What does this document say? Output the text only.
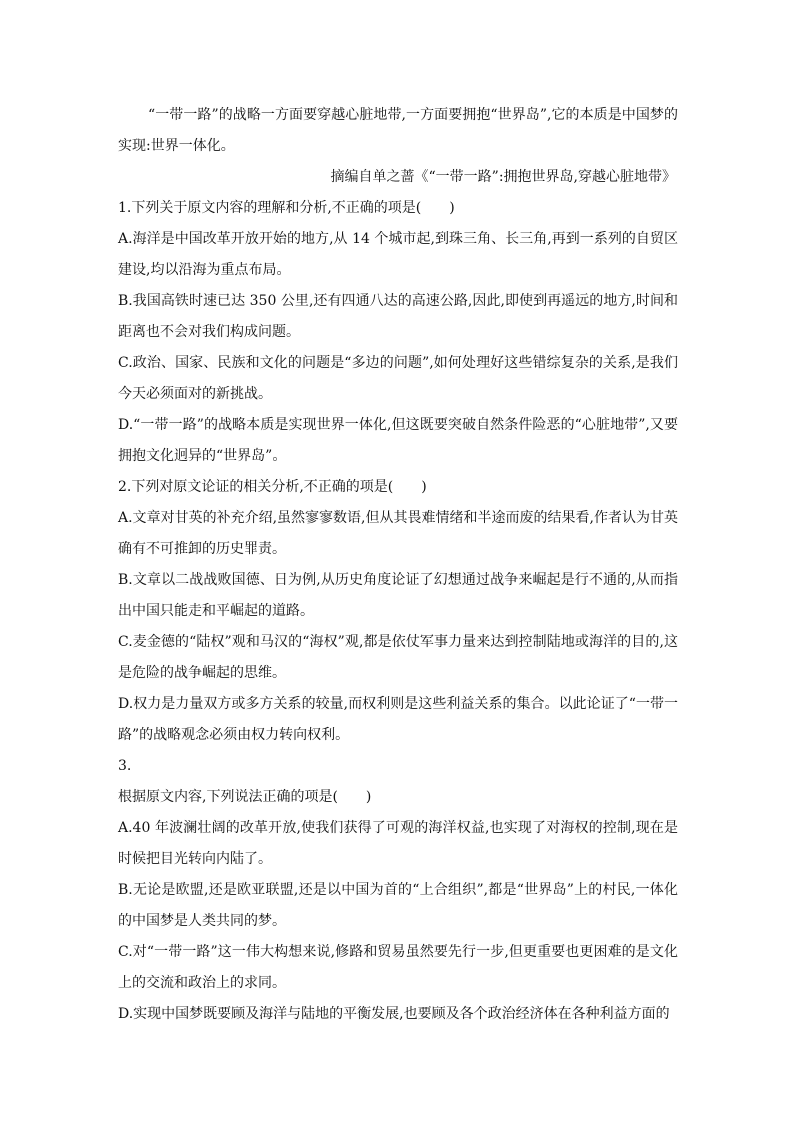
“一带一路”的战略一方面要穿越心脏地带,一方面要拥抱“世界岛”,它的本质是中国梦的实现:世界一体化。

摘编自单之蔷《“一带一路”:拥抱世界岛,穿越心脏地带》

1.下列关于原文内容的理解和分析,不正确的项是(　　)

A.海洋是中国改革开放开始的地方,从 14 个城市起,到珠三角、长三角,再到一系列的自贸区建设,均以沿海为重点布局。

B.我国高铁时速已达 350 公里,还有四通八达的高速公路,因此,即使到再遥远的地方,时间和距离也不会对我们构成问题。

C.政治、国家、民族和文化的问题是“多边的问题”,如何处理好这些错综复杂的关系,是我们今天必须面对的新挑战。

D.“一带一路”的战略本质是实现世界一体化,但这既要突破自然条件险恶的“心脏地带”,又要拥抱文化迥异的“世界岛”。

2.下列对原文论证的相关分析,不正确的项是(　　)

A.文章对甘英的补充介绍,虽然寥寥数语,但从其畏难情绪和半途而废的结果看,作者认为甘英确有不可推卸的历史罪责。

B.文章以二战战败国德、日为例,从历史角度论证了幻想通过战争来崛起是行不通的,从而指出中国只能走和平崛起的道路。

C.麦金德的“陆权”观和马汉的“海权”观,都是依仗军事力量来达到控制陆地或海洋的目的,这是危险的战争崛起的思维。

D.权力是力量双方或多方关系的较量,而权利则是这些利益关系的集合。以此论证了“一带一路”的战略观念必须由权力转向权利。

3.

根据原文内容,下列说法正确的项是(　　)

A.40 年波澜壮阔的改革开放,使我们获得了可观的海洋权益,也实现了对海权的控制,现在是时候把目光转向内陆了。

B.无论是欧盟,还是欧亚联盟,还是以中国为首的“上合组织”,都是“世界岛”上的村民,一体化的中国梦是人类共同的梦。

C.对“一带一路”这一伟大构想来说,修路和贸易虽然要先行一步,但更重要也更困难的是文化上的交流和政治上的求同。

D.实现中国梦既要顾及海洋与陆地的平衡发展,也要顾及各个政治经济体在各种利益方面的
